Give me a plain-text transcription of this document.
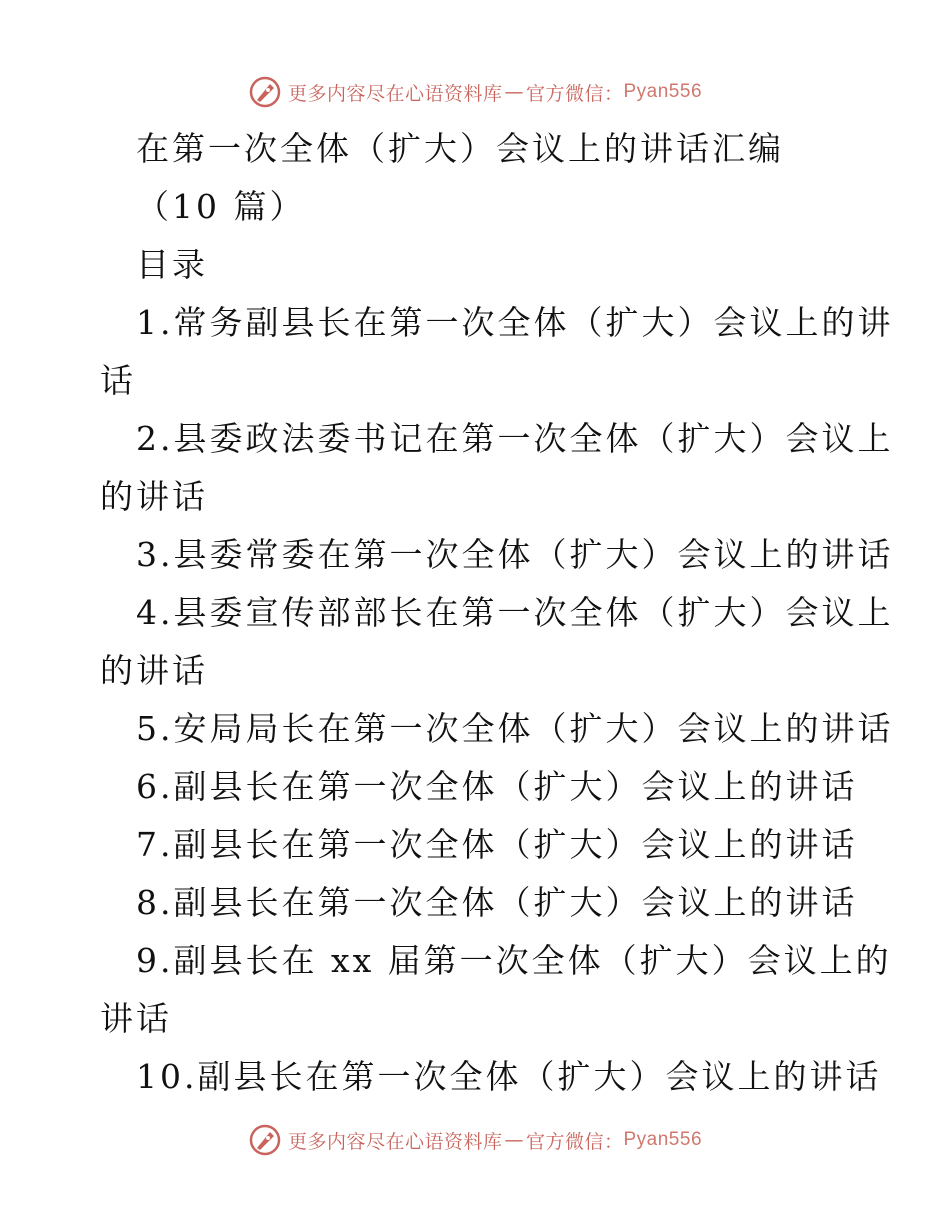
更多内容尽在心语资料库 — 官方微信： Pyan556
在第一次全体（扩大）会议上的讲话汇编
（10 篇）
目录
1.常务副县长在第一次全体（扩大）会议上的讲
话
2.县委政法委书记在第一次全体（扩大）会议上
的讲话
3.县委常委在第一次全体（扩大）会议上的讲话
4.县委宣传部部长在第一次全体（扩大）会议上
的讲话
5.安局局长在第一次全体（扩大）会议上的讲话
6.副县长在第一次全体（扩大）会议上的讲话
7.副县长在第一次全体（扩大）会议上的讲话
8.副县长在第一次全体（扩大）会议上的讲话
9.副县长在 xx 届第一次全体（扩大）会议上的
讲话
10.副县长在第一次全体（扩大）会议上的讲话
更多内容尽在心语资料库 — 官方微信： Pyan556
